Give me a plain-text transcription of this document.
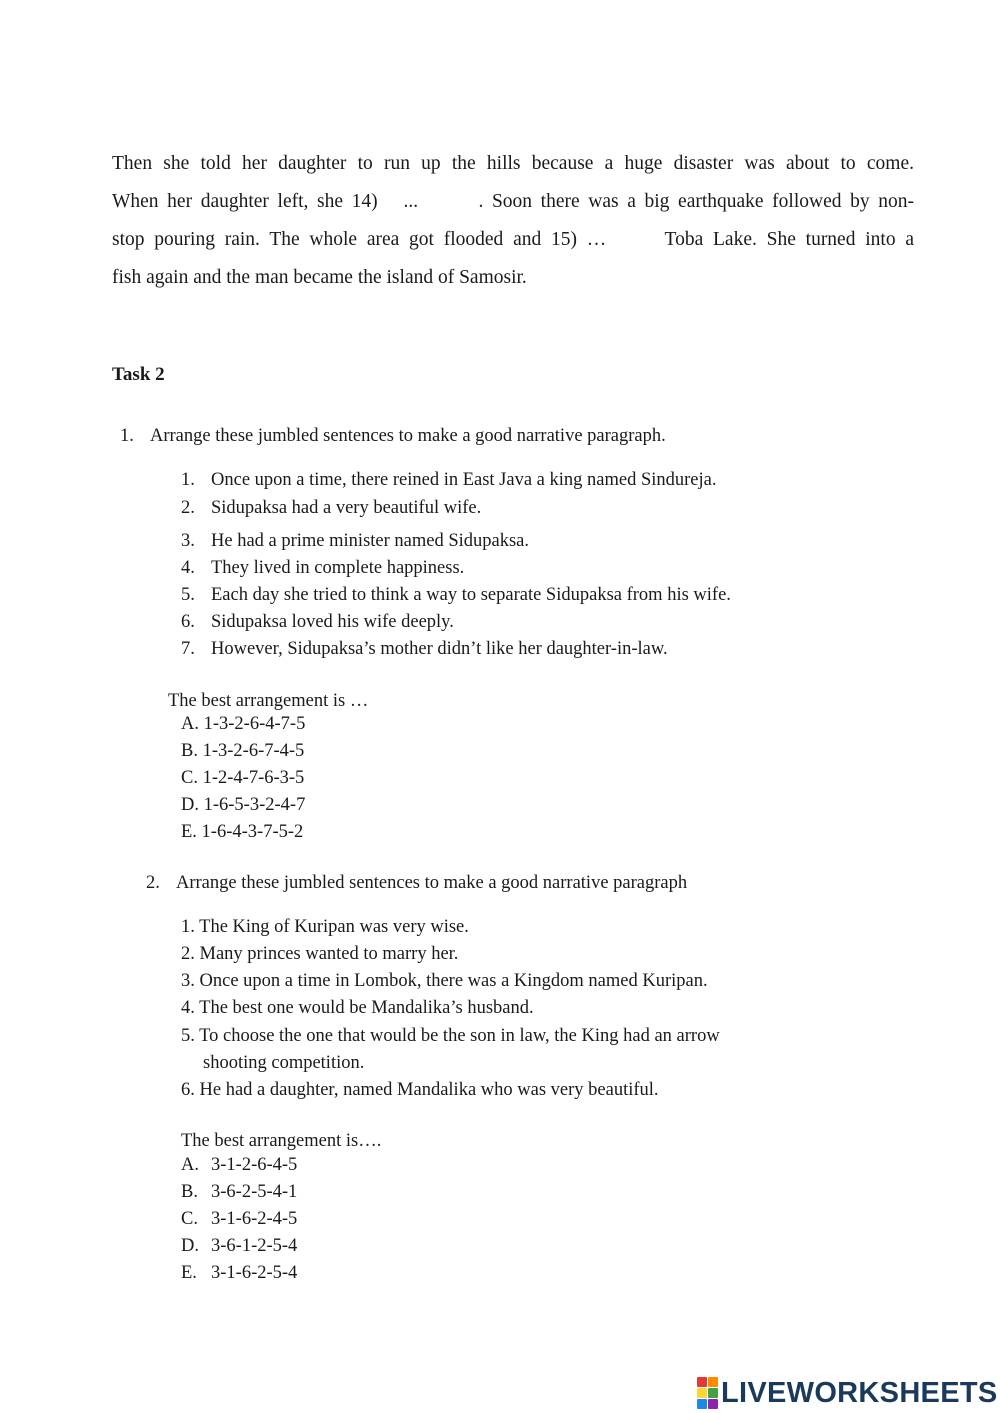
Then she told her daughter to run up the hills because a huge disaster was about to come.
When her daughter left, she 14)   ...       . Soon there was a big earthquake followed by non-
stop pouring rain. The whole area got flooded and 15) …      Toba Lake. She turned into a
fish again and the man became the island of Samosir.
Task 2
1. Arrange these jumbled sentences to make a good narrative paragraph.
1. Once upon a time, there reined in East Java a king named Sindureja.
2. Sidupaksa had a very beautiful wife.
3. He had a prime minister named Sidupaksa.
4. They lived in complete happiness.
5. Each day she tried to think a way to separate Sidupaksa from his wife.
6. Sidupaksa loved his wife deeply.
7. However, Sidupaksa’s mother didn’t like her daughter-in-law.
The best arrangement is …
A. 1-3-2-6-4-7-5
B. 1-3-2-6-7-4-5
C. 1-2-4-7-6-3-5
D. 1-6-5-3-2-4-7
E. 1-6-4-3-7-5-2
2. Arrange these jumbled sentences to make a good narrative paragraph
1. The King of Kuripan was very wise.
2. Many princes wanted to marry her.
3. Once upon a time in Lombok, there was a Kingdom named Kuripan.
4. The best one would be Mandalika’s husband.
5. To choose the one that would be the son in law, the King had an arrow
shooting competition.
6. He had a daughter, named Mandalika who was very beautiful.
The best arrangement is….
A. 3-1-2-6-4-5
B. 3-6-2-5-4-1
C. 3-1-6-2-4-5
D. 3-6-1-2-5-4
E. 3-1-6-2-5-4
LIVEWORKSHEETS
